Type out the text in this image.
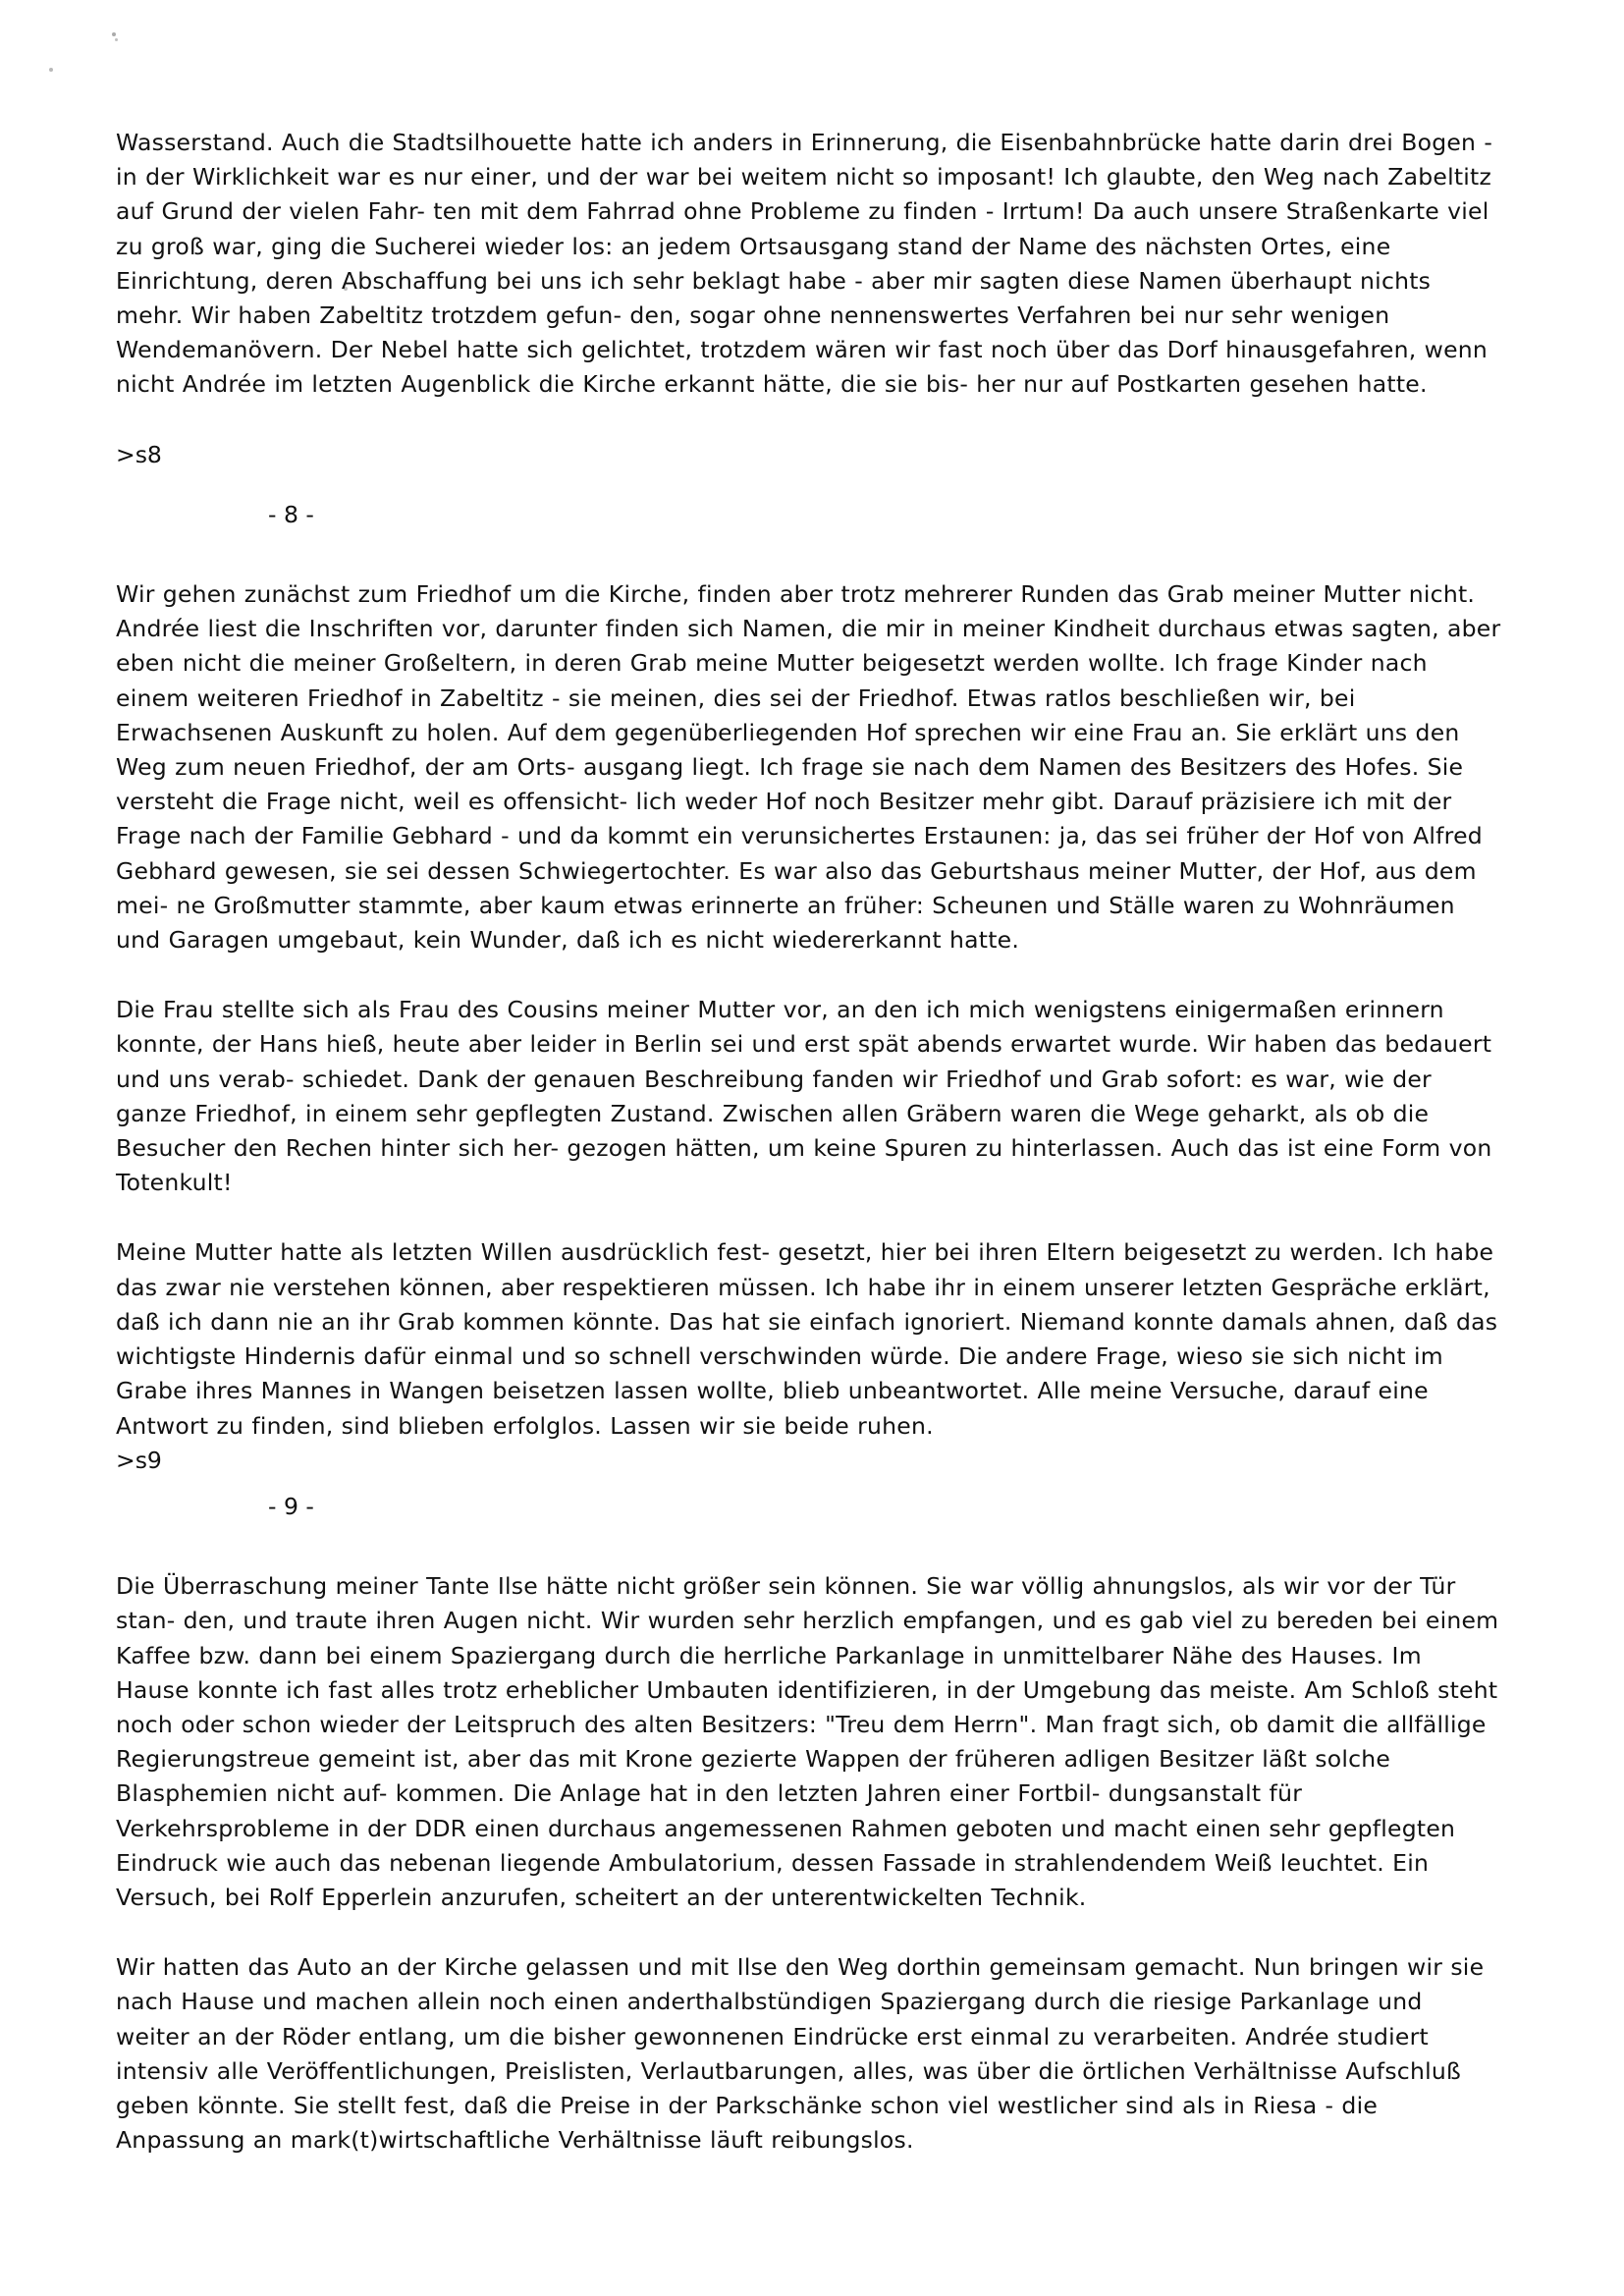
Wasserstand. Auch die Stadtsilhouette hatte ich anders in Erinnerung, die Eisenbahnbrücke hatte darin drei Bogen - in der Wirklichkeit war es nur einer, und der war bei weitem nicht so imposant! Ich glaubte, den Weg nach Zabeltitz auf Grund der vielen Fahr- ten mit dem Fahrrad ohne Probleme zu finden - Irrtum! Da auch unsere Straßenkarte viel zu groß war, ging die Sucherei wieder los: an jedem Ortsausgang stand der Name des nächsten Ortes, eine Einrichtung, deren Abschaffung bei uns ich sehr beklagt habe - aber mir sagten diese Namen überhaupt nichts mehr. Wir haben Zabeltitz trotzdem gefun- den, sogar ohne nennenswertes Verfahren bei nur sehr wenigen Wendemanövern. Der Nebel hatte sich gelichtet, trotzdem wären wir fast noch über das Dorf hinausgefahren, wenn nicht Andrée im letzten Augenblick die Kirche erkannt hätte, die sie bis- her nur auf Postkarten gesehen hatte.

>s8

- 8 -

Wir gehen zunächst zum Friedhof um die Kirche, finden aber trotz mehrerer Runden das Grab meiner Mutter nicht. Andrée liest die Inschriften vor, darunter finden sich Namen, die mir in meiner Kindheit durchaus etwas sagten, aber eben nicht die meiner Großeltern, in deren Grab meine Mutter beigesetzt werden wollte. Ich frage Kinder nach einem weiteren Friedhof in Zabeltitz - sie meinen, dies sei der Friedhof. Etwas ratlos beschließen wir, bei Erwachsenen Auskunft zu holen. Auf dem gegenüberliegenden Hof sprechen wir eine Frau an. Sie erklärt uns den Weg zum neuen Friedhof, der am Orts- ausgang liegt. Ich frage sie nach dem Namen des Besitzers des Hofes. Sie versteht die Frage nicht, weil es offensicht- lich weder Hof noch Besitzer mehr gibt. Darauf präzisiere ich mit der Frage nach der Familie Gebhard - und da kommt ein verunsichertes Erstaunen: ja, das sei früher der Hof von Alfred Gebhard gewesen, sie sei dessen Schwiegertochter. Es war also das Geburtshaus meiner Mutter, der Hof, aus dem mei- ne Großmutter stammte, aber kaum etwas erinnerte an früher: Scheunen und Ställe waren zu Wohnräumen und Garagen umgebaut, kein Wunder, daß ich es nicht wiedererkannt hatte.

Die Frau stellte sich als Frau des Cousins meiner Mutter vor, an den ich mich wenigstens einigermaßen erinnern konnte, der Hans hieß, heute aber leider in Berlin sei und erst spät abends erwartet wurde. Wir haben das bedauert und uns verab- schiedet. Dank der genauen Beschreibung fanden wir Friedhof und Grab sofort: es war, wie der ganze Friedhof, in einem sehr gepflegten Zustand. Zwischen allen Gräbern waren die Wege geharkt, als ob die Besucher den Rechen hinter sich her- gezogen hätten, um keine Spuren zu hinterlassen. Auch das ist eine Form von Totenkult!

Meine Mutter hatte als letzten Willen ausdrücklich fest- gesetzt, hier bei ihren Eltern beigesetzt zu werden. Ich habe das zwar nie verstehen können, aber respektieren müssen. Ich habe ihr in einem unserer letzten Gespräche erklärt, daß ich dann nie an ihr Grab kommen könnte. Das hat sie einfach ignoriert. Niemand konnte damals ahnen, daß das wichtigste Hindernis dafür einmal und so schnell verschwinden würde. Die andere Frage, wieso sie sich nicht im Grabe ihres Mannes in Wangen beisetzen lassen wollte, blieb unbeantwortet. Alle meine Versuche, darauf eine Antwort zu finden, sind blieben erfolglos. Lassen wir sie beide ruhen.

>s9

- 9 -

Die Überraschung meiner Tante Ilse hätte nicht größer sein können. Sie war völlig ahnungslos, als wir vor der Tür stan- den, und traute ihren Augen nicht. Wir wurden sehr herzlich empfangen, und es gab viel zu bereden bei einem Kaffee bzw. dann bei einem Spaziergang durch die herrliche Parkanlage in unmittelbarer Nähe des Hauses. Im Hause konnte ich fast alles trotz erheblicher Umbauten identifizieren, in der Umgebung das meiste. Am Schloß steht noch oder schon wieder der Leitspruch des alten Besitzers: "Treu dem Herrn". Man fragt sich, ob damit die allfällige Regierungstreue gemeint ist, aber das mit Krone gezierte Wappen der früheren adligen Besitzer läßt solche Blasphemien nicht auf- kommen. Die Anlage hat in den letzten Jahren einer Fortbil- dungsanstalt für Verkehrsprobleme in der DDR einen durchaus angemessenen Rahmen geboten und macht einen sehr gepflegten Eindruck wie auch das nebenan liegende Ambulatorium, dessen Fassade in strahlendendem Weiß leuchtet. Ein Versuch, bei Rolf Epperlein anzurufen, scheitert an der unterentwickelten Technik.

Wir hatten das Auto an der Kirche gelassen und mit Ilse den Weg dorthin gemeinsam gemacht. Nun bringen wir sie nach Hause und machen allein noch einen anderthalbstündigen Spaziergang durch die riesige Parkanlage und weiter an der Röder entlang, um die bisher gewonnenen Eindrücke erst einmal zu verarbeiten. Andrée studiert intensiv alle Veröffentlichungen, Preislisten, Verlautbarungen, alles, was über die örtlichen Verhältnisse Aufschluß geben könnte. Sie stellt fest, daß die Preise in der Parkschänke schon viel westlicher sind als in Riesa - die Anpassung an mark(t)wirtschaftliche Verhältnisse läuft reibungslos.
